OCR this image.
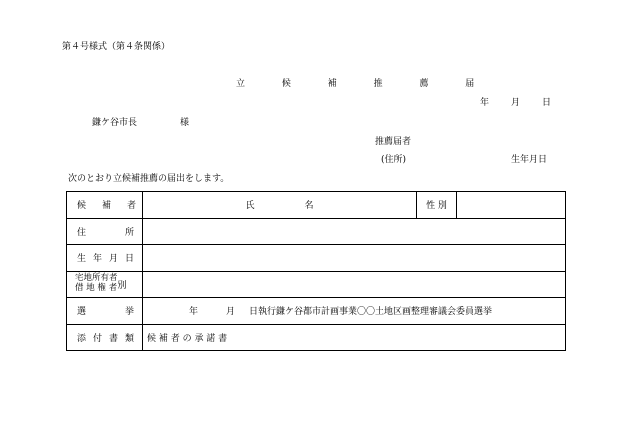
第４号様式（第４条関係）
立 候 補 推 薦 届
年 月 日
鎌ケ谷市長	様
推薦届者
(住所)	生年月日
次のとおり立候補推薦の届出をします。
候 補 者	氏 名	性 別	

住 所			

生 年 月 日			

宅地所有者
借 地 権 者 別			

選 挙	年 月 日執行鎌ケ谷都市計画事業〇〇土地区画整理審議会委員選挙		

添 付 書 類	候 補 者 の 承 諾 書		
